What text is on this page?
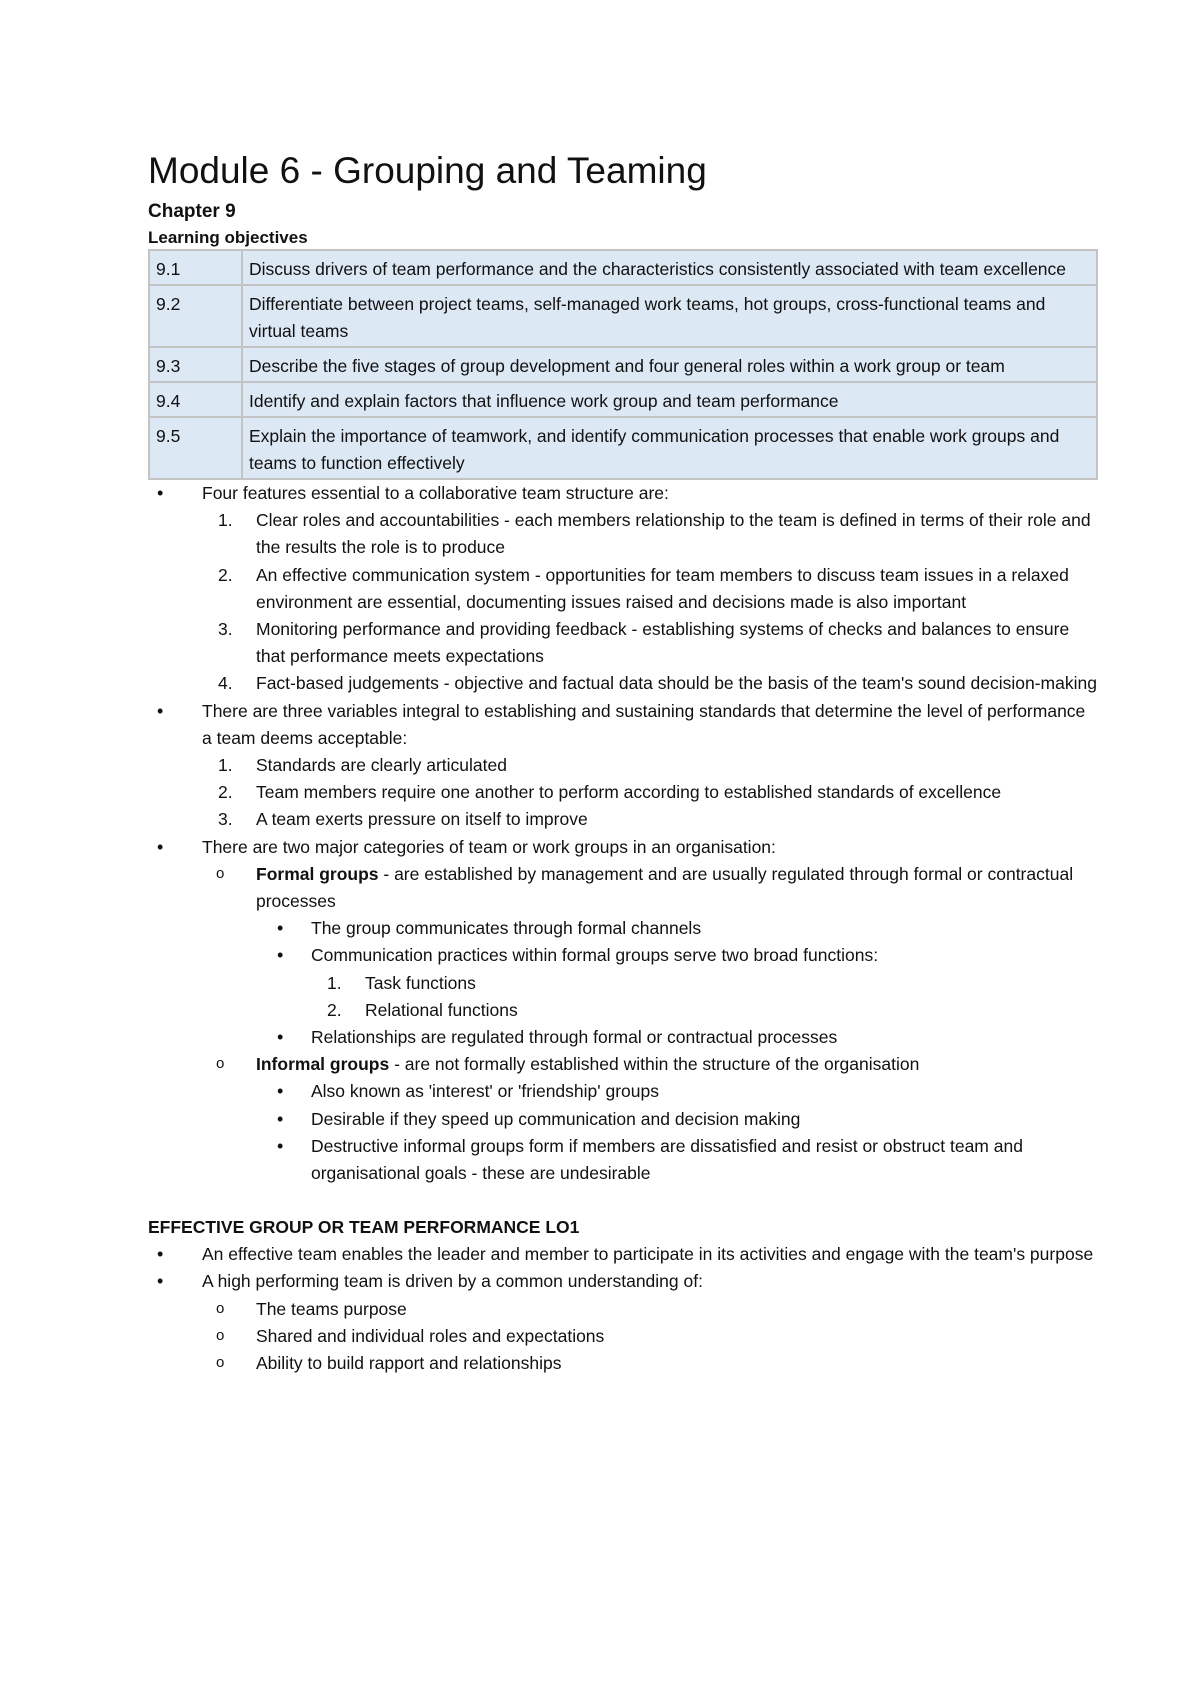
Module 6 - Grouping and Teaming
Chapter 9
Learning objectives
9.1	Discuss drivers of team performance and the characteristics consistently associated with team excellence
9.2	Differentiate between project teams, self-managed work teams, hot groups, cross-functional teams and virtual teams
9.3	Describe the five stages of group development and four general roles within a work group or team
9.4	Identify and explain factors that influence work group and team performance
9.5	Explain the importance of teamwork, and identify communication processes that enable work groups and teams to function effectively
• Four features essential to a collaborative team structure are:
1.	Clear roles and accountabilities - each members relationship to the team is defined in terms of their role and the results the role is to produce
2.	An effective communication system - opportunities for team members to discuss team issues in a relaxed environment are essential, documenting issues raised and decisions made is also important
3.	Monitoring performance and providing feedback - establishing systems of checks and balances to ensure that performance meets expectations
4.	Fact-based judgements - objective and factual data should be the basis of the team's sound decision-making
• There are three variables integral to establishing and sustaining standards that determine the level of performance a team deems acceptable:
1.	Standards are clearly articulated
2.	Team members require one another to perform according to established standards of excellence
3.	A team exerts pressure on itself to improve
• There are two major categories of team or work groups in an organisation:
o Formal groups - are established by management and are usually regulated through formal or contractual processes
• The group communicates through formal channels
• Communication practices within formal groups serve two broad functions:
1. Task functions
2. Relational functions
• Relationships are regulated through formal or contractual processes
o Informal groups - are not formally established within the structure of the organisation
• Also known as 'interest' or 'friendship' groups
• Desirable if they speed up communication and decision making
• Destructive informal groups form if members are dissatisfied and resist or obstruct team and organisational goals - these are undesirable
EFFECTIVE GROUP OR TEAM PERFORMANCE LO1
• An effective team enables the leader and member to participate in its activities and engage with the team's purpose
• A high performing team is driven by a common understanding of:
o The teams purpose
o Shared and individual roles and expectations
o Ability to build rapport and relationships
